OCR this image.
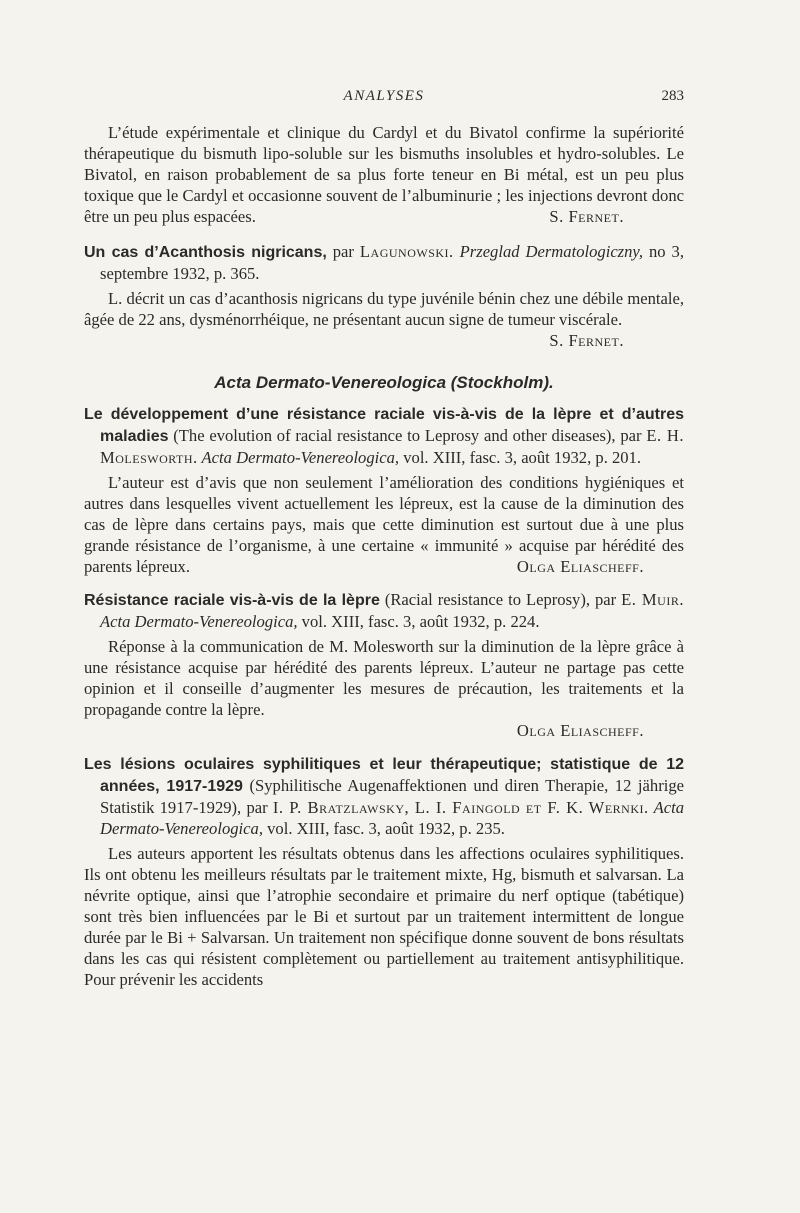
ANALYSES	283

L’étude expérimentale et clinique du Cardyl et du Bivatol confirme la supériorité thérapeutique du bismuth lipo-soluble sur les bismuths insolubles et hydro-solubles. Le Bivatol, en raison probablement de sa plus forte teneur en Bi métal, est un peu plus toxique que le Cardyl et occasionne souvent de l’albuminurie ; les injections devront donc être un peu plus espacées.	S. Fernet.

Un cas d’Acanthosis nigricans, par Lagunowski. Przeglad Dermatologiczny, no 3, septembre 1932, p. 365.

L. décrit un cas d’acanthosis nigricans du type juvénile bénin chez une débile mentale, âgée de 22 ans, dysménorrhéique, ne présentant aucun signe de tumeur viscérale.
S. Fernet.

Acta Dermato-Venereologica (Stockholm).

Le développement d’une résistance raciale vis-à-vis de la lèpre et d’autres maladies (The evolution of racial resistance to Leprosy and other diseases), par E. H. Molesworth. Acta Dermato-Venereologica, vol. XIII, fasc. 3, août 1932, p. 201.

L’auteur est d’avis que non seulement l’amélioration des conditions hygiéniques et autres dans lesquelles vivent actuellement les lépreux, est la cause de la diminution des cas de lèpre dans certains pays, mais que cette diminution est surtout due à une plus grande résistance de l’organisme, à une certaine « immunité » acquise par hérédité des parents lépreux.	Olga Eliascheff.

Résistance raciale vis-à-vis de la lèpre (Racial resistance to Leprosy), par E. Muir. Acta Dermato-Venereologica, vol. XIII, fasc. 3, août 1932, p. 224.

Réponse à la communication de M. Molesworth sur la diminution de la lèpre grâce à une résistance acquise par hérédité des parents lépreux. L’auteur ne partage pas cette opinion et il conseille d’augmenter les mesures de précaution, les traitements et la propagande contre la lèpre.

Olga Eliascheff.

Les lésions oculaires syphilitiques et leur thérapeutique; statistique de 12 années, 1917-1929 (Syphilitische Augenaffektionen und diren Therapie, 12 jährige Statistik 1917-1929), par I. P. Bratzlawsky, L. I. Faingold et F. K. Wernki. Acta Dermato-Venereologica, vol. XIII, fasc. 3, août 1932, p. 235.

Les auteurs apportent les résultats obtenus dans les affections oculaires syphilitiques. Ils ont obtenu les meilleurs résultats par le traitement mixte, Hg, bismuth et salvarsan. La névrite optique, ainsi que l’atrophie secondaire et primaire du nerf optique (tabétique) sont très bien influencées par le Bi et surtout par un traitement intermittent de longue durée par le Bi + Salvarsan. Un traitement non spécifique donne souvent de bons résultats dans les cas qui résistent complètement ou partiellement au traitement antisyphilitique. Pour prévenir les accidents
